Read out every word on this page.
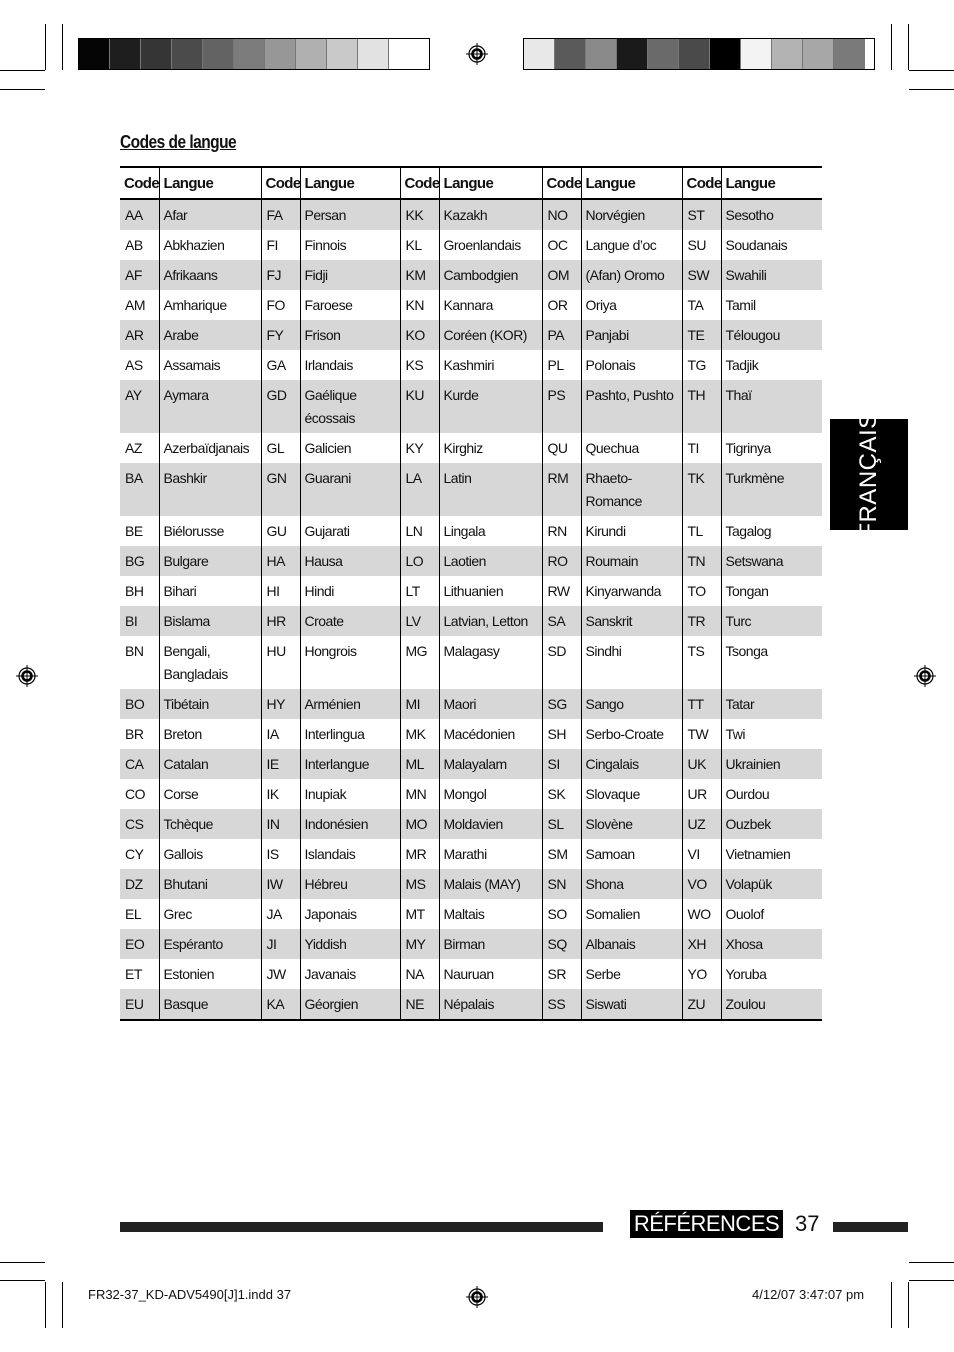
Codes de langue
Code	Langue	Code	Langue	Code	Langue	Code	Langue	Code	Langue
AA	Afar	FA	Persan	KK	Kazakh	NO	Norvégien	ST	Sesotho
AB	Abkhazien	FI	Finnois	KL	Groenlandais	OC	Langue d’oc	SU	Soudanais
AF	Afrikaans	FJ	Fidji	KM	Cambodgien	OM	(Afan) Oromo	SW	Swahili
AM	Amharique	FO	Faroese	KN	Kannara	OR	Oriya	TA	Tamil
AR	Arabe	FY	Frison	KO	Coréen (KOR)	PA	Panjabi	TE	Télougou
AS	Assamais	GA	Irlandais	KS	Kashmiri	PL	Polonais	TG	Tadjik
AY	Aymara	GD	Gaélique écossais	KU	Kurde	PS	Pashto, Pushto	TH	Thaï
AZ	Azerbaïdjanais	GL	Galicien	KY	Kirghiz	QU	Quechua	TI	Tigrinya
BA	Bashkir	GN	Guarani	LA	Latin	RM	Rhaeto-Romance	TK	Turkmène
BE	Biélorusse	GU	Gujarati	LN	Lingala	RN	Kirundi	TL	Tagalog
BG	Bulgare	HA	Hausa	LO	Laotien	RO	Roumain	TN	Setswana
BH	Bihari	HI	Hindi	LT	Lithuanien	RW	Kinyarwanda	TO	Tongan
BI	Bislama	HR	Croate	LV	Latvian, Letton	SA	Sanskrit	TR	Turc
BN	Bengali, Bangladais	HU	Hongrois	MG	Malagasy	SD	Sindhi	TS	Tsonga
BO	Tibétain	HY	Arménien	MI	Maori	SG	Sango	TT	Tatar
BR	Breton	IA	Interlingua	MK	Macédonien	SH	Serbo-Croate	TW	Twi
CA	Catalan	IE	Interlangue	ML	Malayalam	SI	Cingalais	UK	Ukrainien
CO	Corse	IK	Inupiak	MN	Mongol	SK	Slovaque	UR	Ourdou
CS	Tchèque	IN	Indonésien	MO	Moldavien	SL	Slovène	UZ	Ouzbek
CY	Gallois	IS	Islandais	MR	Marathi	SM	Samoan	VI	Vietnamien
DZ	Bhutani	IW	Hébreu	MS	Malais (MAY)	SN	Shona	VO	Volapük
EL	Grec	JA	Japonais	MT	Maltais	SO	Somalien	WO	Ouolof
EO	Espéranto	JI	Yiddish	MY	Birman	SQ	Albanais	XH	Xhosa
ET	Estonien	JW	Javanais	NA	Nauruan	SR	Serbe	YO	Yoruba
EU	Basque	KA	Géorgien	NE	Népalais	SS	Siswati	ZU	Zoulou
FRANÇAIS
RÉFÉRENCES 37
FR32-37_KD-ADV5490[J]1.indd 37	4/12/07 3:47:07 pm
